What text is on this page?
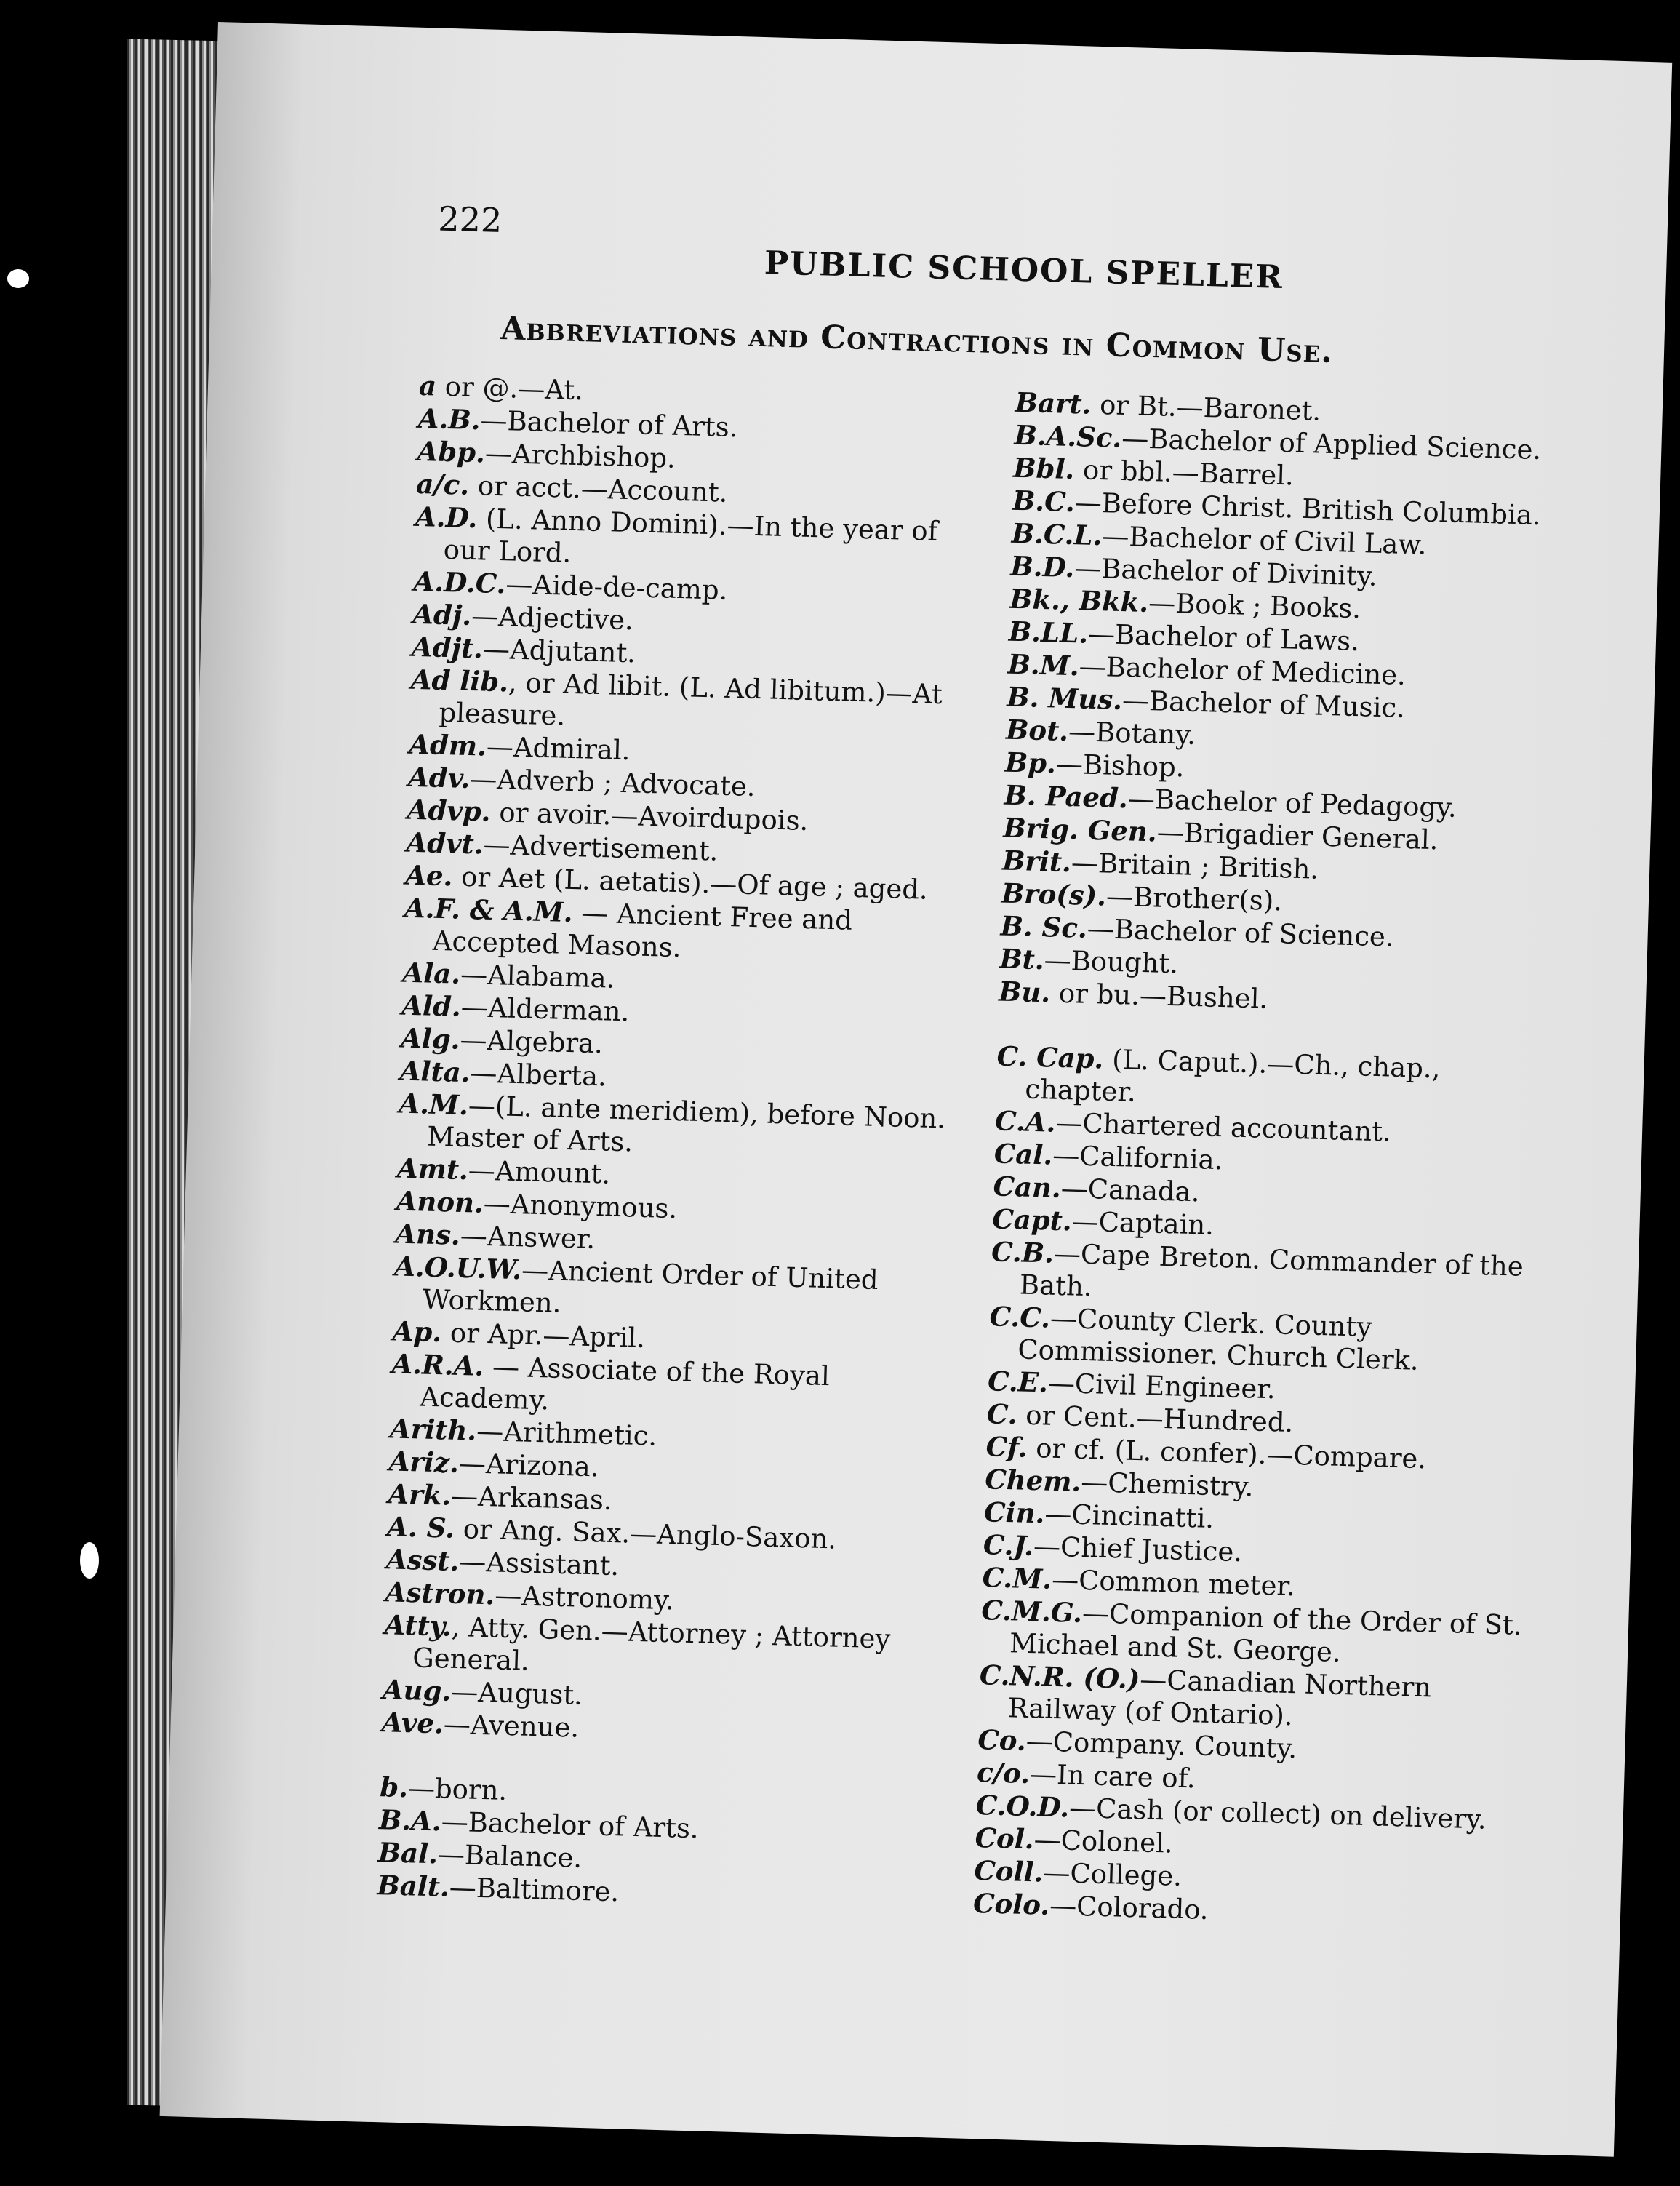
222
PUBLIC SCHOOL SPELLER
Abbreviations and Contractions in Common Use.
a or @.—At.
A.B.—Bachelor of Arts.
Abp.—Archbishop.
a/c. or acct.—Account.
A.D. (L. Anno Domini).—In the year of our Lord.
A.D.C.—Aide-de-camp.
Adj.—Adjective.
Adjt.—Adjutant.
Ad lib., or Ad libit. (L. Ad libitum.)—At pleasure.
Adm.—Admiral.
Adv.—Adverb ; Advocate.
Advp. or avoir.—Avoirdupois.
Advt.—Advertisement.
Ae. or Aet (L. aetatis).—Of age ; aged.
A.F. & A.M. — Ancient Free and Accepted Masons.
Ala.—Alabama.
Ald.—Alderman.
Alg.—Algebra.
Alta.—Alberta.
A.M.—(L. ante meridiem), before Noon. Master of Arts.
Amt.—Amount.
Anon.—Anonymous.
Ans.—Answer.
A.O.U.W.—Ancient Order of United Workmen.
Ap. or Apr.—April.
A.R.A. — Associate of the Royal Academy.
Arith.—Arithmetic.
Ariz.—Arizona.
Ark.—Arkansas.
A. S. or Ang. Sax.—Anglo-Saxon.
Asst.—Assistant.
Astron.—Astronomy.
Atty., Atty. Gen.—Attorney ; Attorney General.
Aug.—August.
Ave.—Avenue.
b.—born.
B.A.—Bachelor of Arts.
Bal.—Balance.
Balt.—Baltimore.
Bart. or Bt.—Baronet.
B.A.Sc.—Bachelor of Applied Science.
Bbl. or bbl.—Barrel.
B.C.—Before Christ. British Columbia.
B.C.L.—Bachelor of Civil Law.
B.D.—Bachelor of Divinity.
Bk., Bkk.—Book ; Books.
B.LL.—Bachelor of Laws.
B.M.—Bachelor of Medicine.
B. Mus.—Bachelor of Music.
Bot.—Botany.
Bp.—Bishop.
B. Paed.—Bachelor of Pedagogy.
Brig. Gen.—Brigadier General.
Brit.—Britain ; British.
Bro(s).—Brother(s).
B. Sc.—Bachelor of Science.
Bt.—Bought.
Bu. or bu.—Bushel.
C. Cap. (L. Caput.).—Ch., chap., chapter.
C.A.—Chartered accountant.
Cal.—California.
Can.—Canada.
Capt.—Captain.
C.B.—Cape Breton. Commander of the Bath.
C.C.—County Clerk. County Commissioner. Church Clerk.
C.E.—Civil Engineer.
C. or Cent.—Hundred.
Cf. or cf. (L. confer).—Compare.
Chem.—Chemistry.
Cin.—Cincinatti.
C.J.—Chief Justice.
C.M.—Common meter.
C.M.G.—Companion of the Order of St. Michael and St. George.
C.N.R. (O.)—Canadian Northern Railway (of Ontario).
Co.—Company. County.
c/o.—In care of.
C.O.D.—Cash (or collect) on delivery.
Col.—Colonel.
Coll.—College.
Colo.—Colorado.
